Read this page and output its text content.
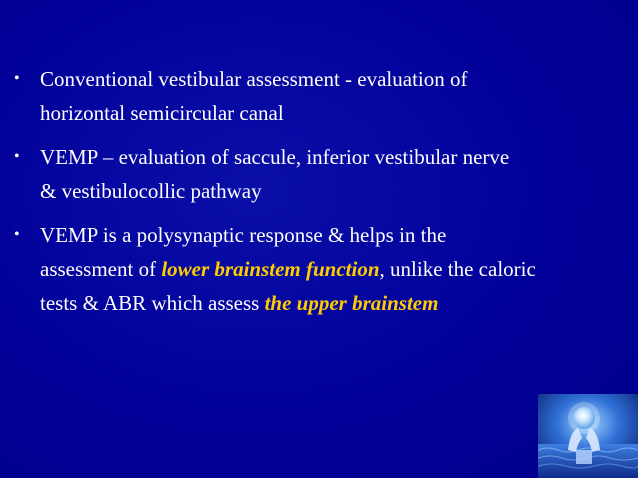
• Conventional vestibular assessment - evaluation of
horizontal semicircular canal
• VEMP – evaluation of saccule, inferior vestibular nerve
& vestibulocollic pathway
• VEMP is a polysynaptic response & helps in the
assessment of lower brainstem function, unlike the caloric
tests & ABR which assess the upper brainstem
